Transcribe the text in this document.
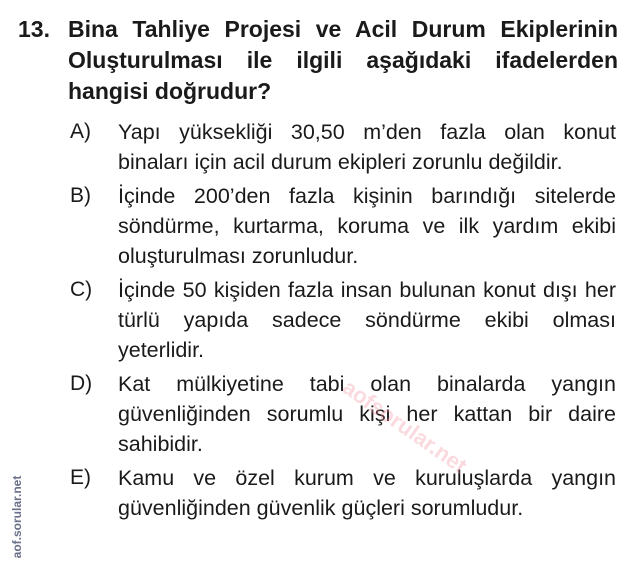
13. Bina Tahliye Projesi ve Acil Durum Ekiplerinin Oluşturulması ile ilgili aşağıdaki ifadelerden hangisi doğrudur?
A)	Yapı yüksekliği 30,50 m’den fazla olan konut binaları için acil durum ekipleri zorunlu değildir.
B)	İçinde 200’den fazla kişinin barındığı sitelerde söndürme, kurtarma, koruma ve ilk yardım ekibi oluşturulması zorunludur.
C)	İçinde 50 kişiden fazla insan bulunan konut dışı her türlü yapıda sadece söndürme ekibi olması yeterlidir.
D)	Kat mülkiyetine tabi olan binalarda yangın güvenliğinden sorumlu kişi her kattan bir daire sahibidir.
E)	Kamu ve özel kurum ve kuruluşlarda yangın güvenliğinden güvenlik güçleri sorumludur.
aofsorular.net
aof.sorular.net
